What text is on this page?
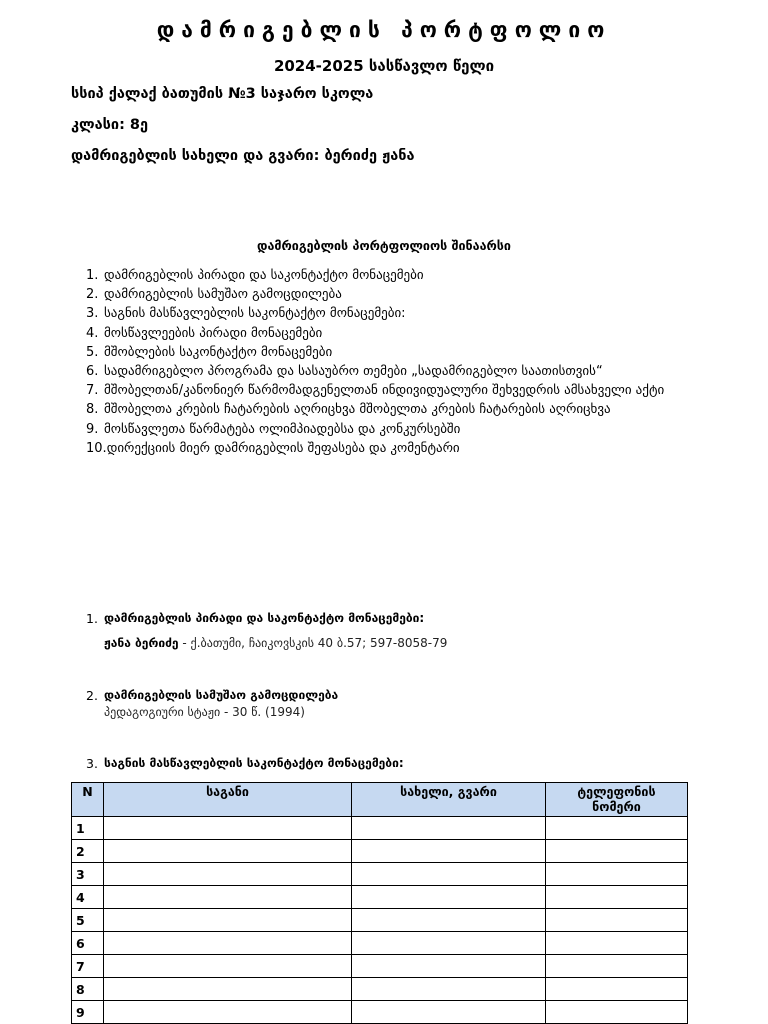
დამრიგებლის პორტფოლიო
2024-2025 სასწავლო წელი
სსიპ ქალაქ ბათუმის №3 საჯარო სკოლა
კლასი: 8ე
დამრიგებლის სახელი და გვარი: ბერიძე ჟანა
დამრიგებლის პორტფოლიოს შინაარსი
1. დამრიგებლის პირადი და საკონტაქტო მონაცემები
2. დამრიგებლის სამუშაო გამოცდილება
3. საგნის მასწავლებლის საკონტაქტო მონაცემები:
4. მოსწავლეების პირადი მონაცემები
5. მშობლების საკონტაქტო მონაცემები
6. სადამრიგებლო პროგრამა და სასაუბრო თემები „სადამრიგებლო საათისთვის“
7. მშობელთან/კანონიერ წარმომადგენელთან ინდივიდუალური შეხვედრის ამსახველი აქტი
8. მშობელთა კრების ჩატარების აღრიცხვა მშობელთა კრების ჩატარების აღრიცხვა
9. მოსწავლეთა წარმატება ოლიმპიადებსა და კონკურსებში
10.დირექციის მიერ დამრიგებლის შეფასება და კომენტარი
1. დამრიგებლის პირადი და საკონტაქტო მონაცემები:
ჟანა ბერიძე - ქ.ბათუმი, ჩაიკოვსკის 40 ბ.57; 597-8058-79
2. დამრიგებლის სამუშაო გამოცდილება
პედაგოგიური სტაჟი - 30 წ. (1994)
3. საგნის მასწავლებლის საკონტაქტო მონაცემები:
N	საგანი	სახელი, გვარი	ტელეფონის
ნომერი
1			
2			
3			
4			
5			
6			
7			
8			
9			
